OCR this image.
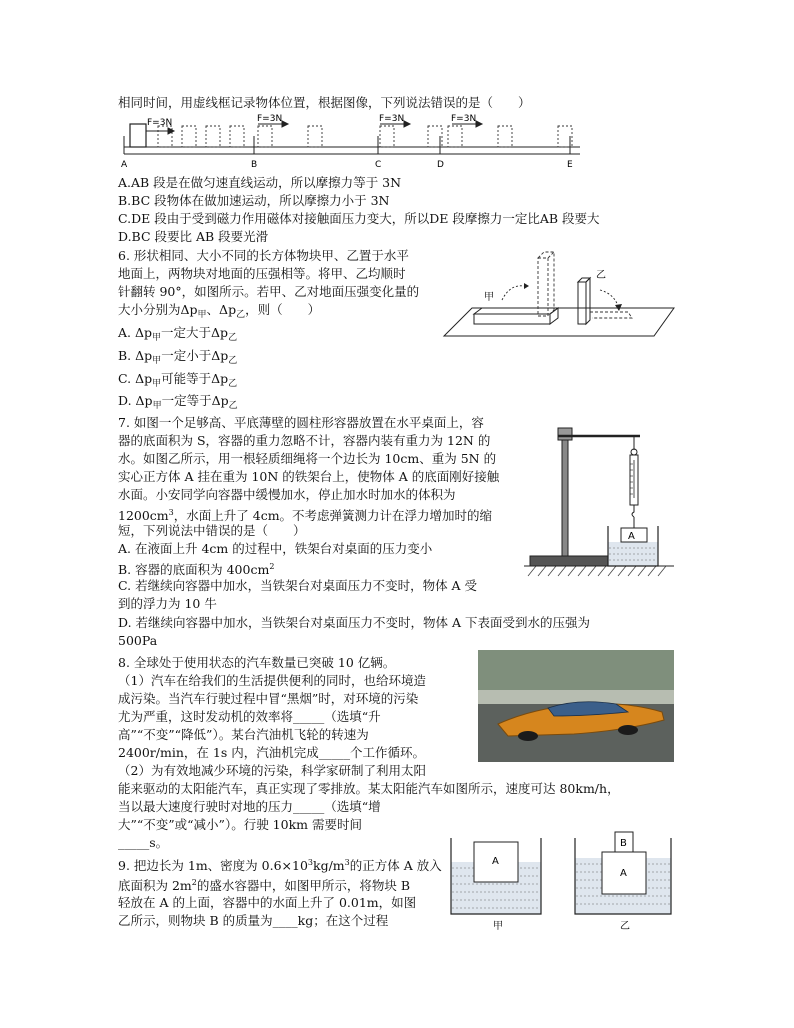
相同时间，用虚线框记录物体位置，根据图像，下列说法错误的是（　　）
F=3N	F=3N	F=3N	F=3N
A	B	C	D	E
A.AB 段是在做匀速直线运动，所以摩擦力等于 3N
B.BC 段物体在做加速运动，所以摩擦力小于 3N
C.DE 段由于受到磁力作用磁体对接触面压力变大，所以DE 段摩擦力一定比AB 段要大
D.BC 段要比 AB 段要光滑
6. 形状相同、大小不同的长方体物块甲、乙置于水平
地面上，两物块对地面的压强相等。将甲、乙均顺时
针翻转 90°，如图所示。若甲、乙对地面压强变化量的
大小分别为$\Delta p_甲$、$\Delta p_乙$，则（　　）
A. $\Delta p_甲$一定大于$\Delta p_乙$
B. $\Delta p_甲$一定小于$\Delta p_乙$
C. $\Delta p_甲$可能等于$\Delta p_乙$
D. $\Delta p_甲$一定等于$\Delta p_乙$
甲
乙
7. 如图一个足够高、平底薄壁的圆柱形容器放置在水平桌面上，容
器的底面积为 S，容器的重力忽略不计，容器内装有重力为 12N 的
水。如图乙所示，用一根轻质细绳将一个边长为 10cm、重为 5N 的
实心正方体 A 挂在重为 10N 的铁架台上，使物体 A 的底面刚好接触
水面。小安同学向容器中缓慢加水，停止加水时加水的体积为
$1200cm^3$，水面上升了 4cm。不考虑弹簧测力计在浮力增加时的缩
短，下列说法中错误的是（　　）
A. 在液面上升 4cm 的过程中，铁架台对桌面的压力变小
B. 容器的底面积为 $400cm^2$
C. 若继续向容器中加水，当铁架台对桌面压力不变时，物体 A 受
到的浮力为 10 牛
D. 若继续向容器中加水，当铁架台对桌面压力不变时，物体 A 下表面受到水的压强为
500Pa
A
8. 全球处于使用状态的汽车数量已突破 10 亿辆。
（1）汽车在给我们的生活提供便利的同时，也给环境造
成污染。当汽车行驶过程中冒“黑烟”时，对环境的污染
尤为严重，这时发动机的效率将_____（选填“升
高”“不变”“降低”）。某台汽油机飞轮的转速为
2400r/min，在 1s 内，汽油机完成_____个工作循环。
（2）为有效地减少环境的污染，科学家研制了利用太阳
能来驱动的太阳能汽车，真正实现了零排放。某太阳能汽车如图所示，速度可达 80km/h，
当以最大速度行驶时对地的压力_____（选填“增
大”“不变”或“减小”）。行驶 10km 需要时间
_____s。
9. 把边长为 1m、密度为 $0.6\times 10^3kg/m^3$的正方体 A 放入
底面积为 $2m^2$的盛水容器中，如图甲所示，将物块 B
轻放在 A 的上面，容器中的水面上升了 0.01m，如图
乙所示，则物块 B 的质量为____kg；在这个过程
A
甲
B
A
乙
